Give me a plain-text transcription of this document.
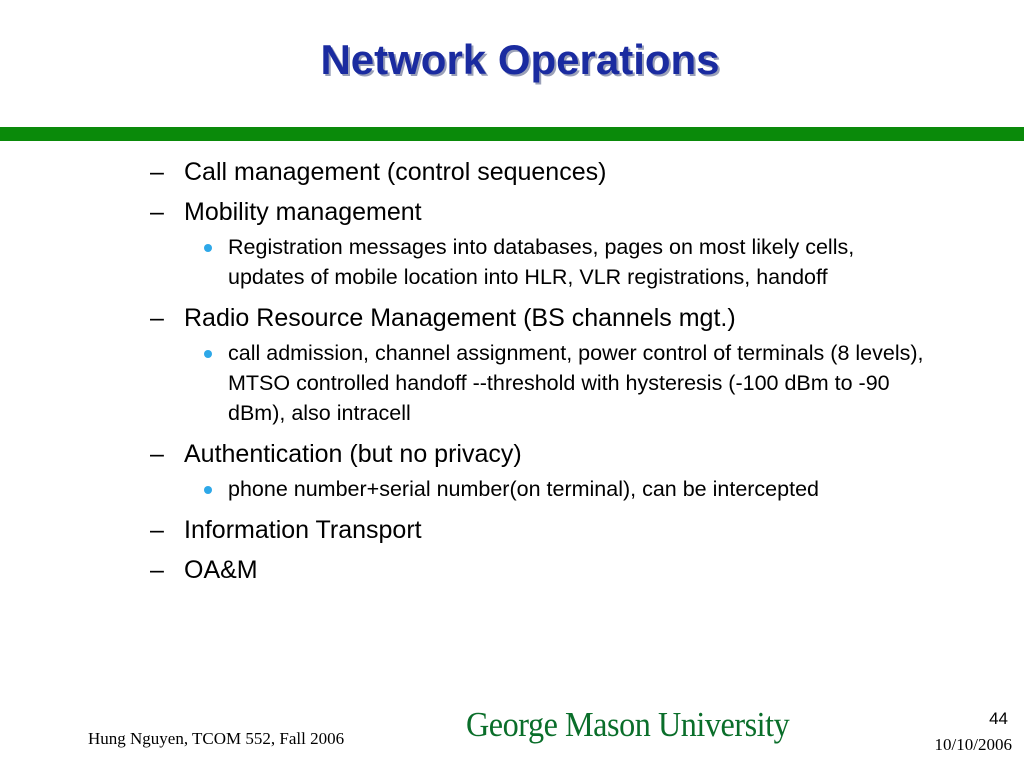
Network Operations
– Call management (control sequences)
– Mobility management
Registration messages into databases, pages on most likely cells, updates of mobile location into HLR, VLR registrations, handoff
– Radio Resource Management (BS channels mgt.)
call admission, channel assignment, power control of terminals (8 levels), MTSO controlled handoff --threshold with hysteresis (-100 dBm to -90 dBm), also intracell
– Authentication (but no privacy)
phone number+serial number(on terminal), can be intercepted
– Information Transport
– OA&M
Hung Nguyen, TCOM 552, Fall 2006	George Mason University	44
10/10/2006
